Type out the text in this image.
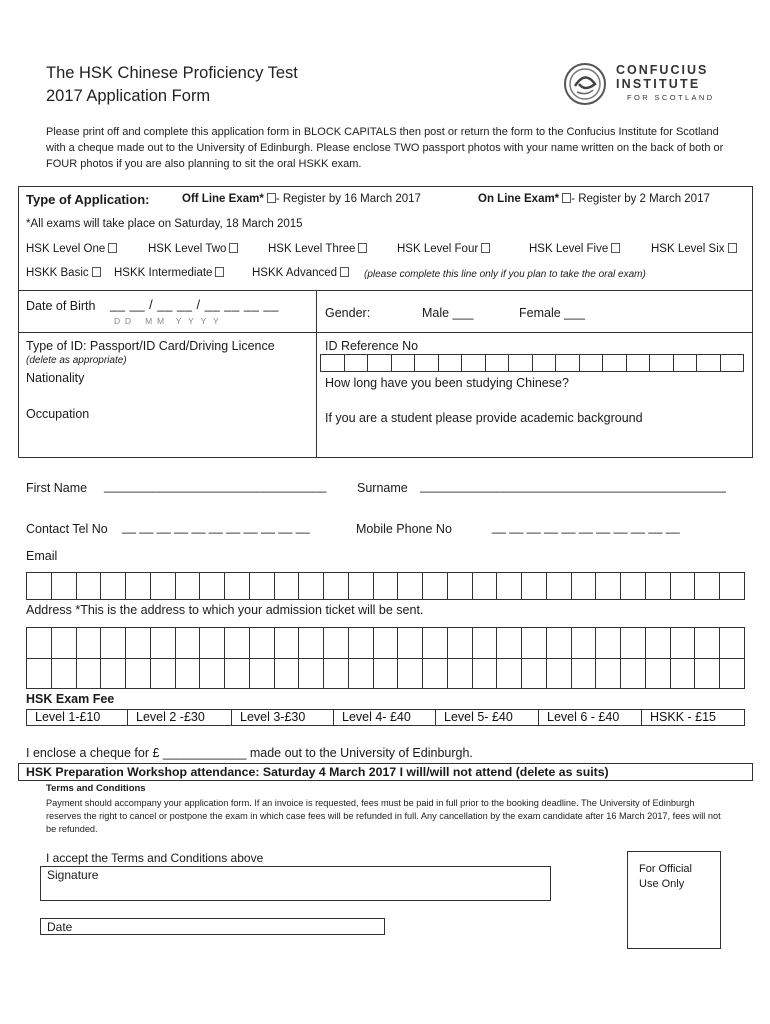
The HSK Chinese Proficiency Test
2017 Application Form
CONFUCIUS
INSTITUTE
FOR SCOTLAND
Please print off and complete this application form in BLOCK CAPITALS then post or return the form to the Confucius Institute for Scotland with a cheque made out to the University of Edinburgh. Please enclose TWO passport photos with your name written on the back of both or FOUR photos if you are also planning to sit the oral HSKK exam.
Type of Application:	Off Line Exam* - Register by 16 March 2017	On Line Exam* - Register by 2 March 2017
*All exams will take place on Saturday, 18 March 2015
HSK Level One	HSK Level Two	HSK Level Three	HSK Level Four	HSK Level Five	HSK Level Six
HSKK Basic	HSKK Intermediate	HSKK Advanced	(please complete this line only if you plan to take the oral exam)
Date of Birth __ __ / __ __ / __ __ __ __
D  D      M  M     Y   Y   Y   Y
Gender:	Male ___	Female ___
Type of ID: Passport/ID Card/Driving Licence
(delete as appropriate)
ID Reference No
Nationality	How long have you been studying Chinese?
Occupation	If you are a student please provide academic background
First Name ________________________________ Surname ____________________________________________
Contact Tel No __ __ __ __ __ __ __ __ __ __ __	Mobile Phone No	__ __ __ __ __ __ __ __ __ __ __
Email
Address *This is the address to which your admission ticket will be sent.
HSK Exam Fee
Level 1-£10	Level 2 -£30	Level 3-£30	Level 4- £40	Level 5- £40	Level 6 - £40	HSKK - £15
I enclose a cheque for £ ____________ made out to the University of Edinburgh.
HSK Preparation Workshop attendance: Saturday 4 March 2017 I will/will not attend (delete as suits)
Terms and Conditions
Payment should accompany your application form. If an invoice is requested, fees must be paid in full prior to the booking deadline. The University of Edinburgh reserves the right to cancel or postpone the exam in which case fees will be refunded in full. Any cancellation by the exam candidate after 16 March 2017, fees will not be refunded.
I accept the Terms and Conditions above
Signature
Date
For Official
Use Only
